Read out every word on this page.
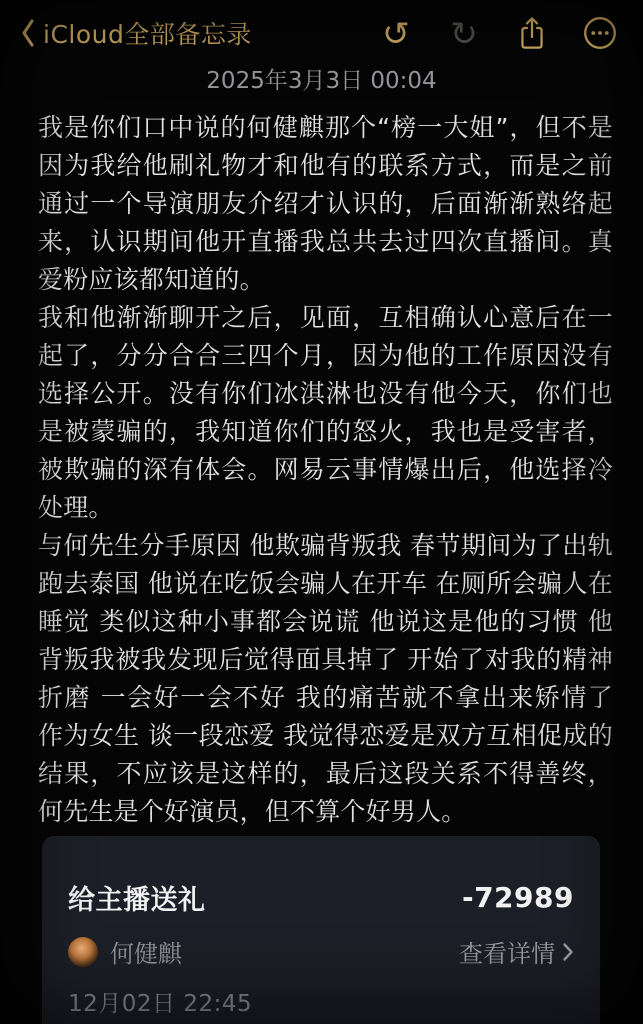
iCloud全部备忘录	↺ ↻
2025年3月3日 00:04

我是你们口中说的何健麒那个“榜一大姐”，但不是因为我给他刷礼物才和他有的联系方式，而是之前通过一个导演朋友介绍才认识的，后面渐渐熟络起来，认识期间他开直播我总共去过四次直播间。真爱粉应该都知道的。

我和他渐渐聊开之后，见面，互相确认心意后在一起了，分分合合三四个月，因为他的工作原因没有选择公开。没有你们冰淇淋也没有他今天，你们也是被蒙骗的，我知道你们的怒火，我也是受害者，被欺骗的深有体会。网易云事情爆出后，他选择冷处理。

与何先生分手原因 他欺骗背叛我 春节期间为了出轨跑去泰国 他说在吃饭会骗人在开车 在厕所会骗人在睡觉 类似这种小事都会说谎 他说这是他的习惯 他背叛我被我发现后觉得面具掉了 开始了对我的精神折磨 一会好一会不好 我的痛苦就不拿出来矫情了 作为女生 谈一段恋爱 我觉得恋爱是双方互相促成的结果，不应该是这样的，最后这段关系不得善终，何先生是个好演员，但不算个好男人。

给主播送礼	-72989
何健麒	查看详情
12月02日 22:45
